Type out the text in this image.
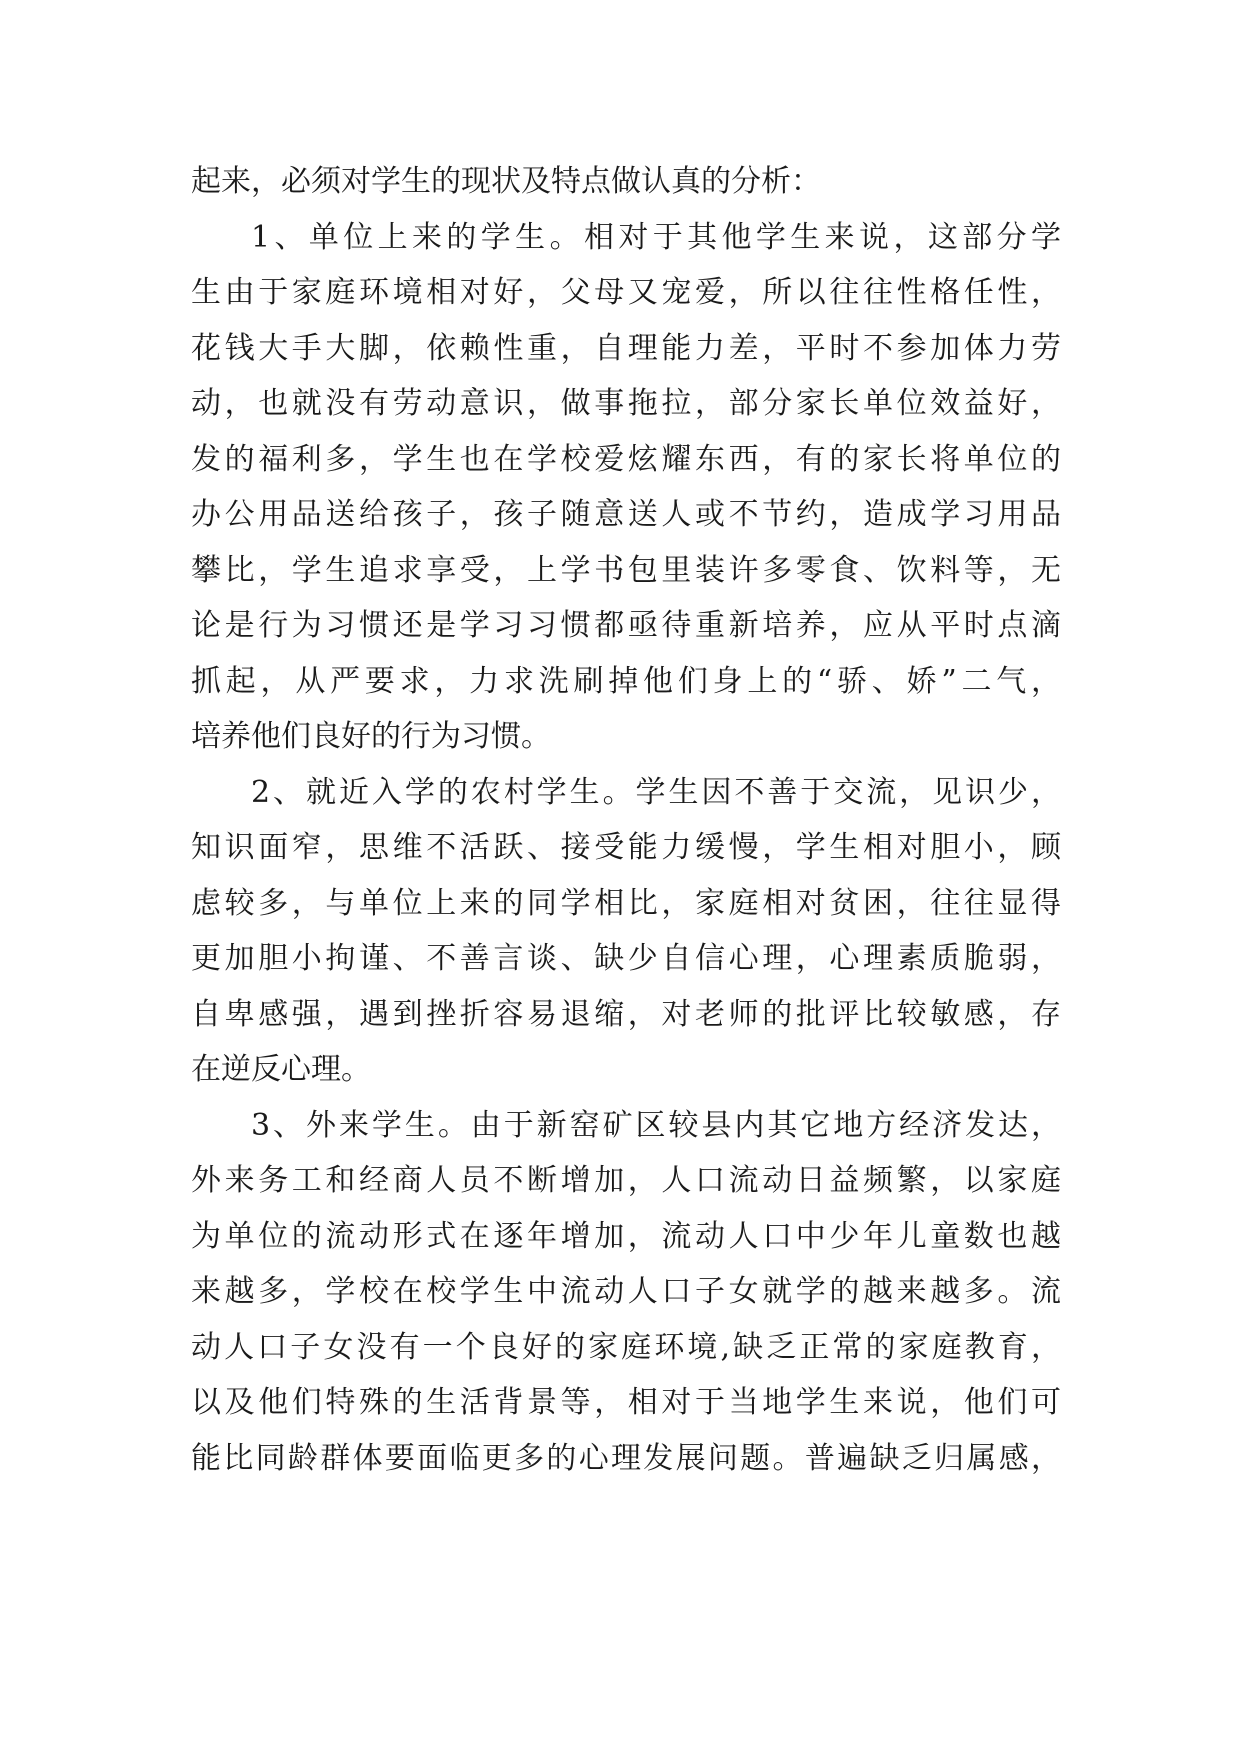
起来，必须对学生的现状及特点做认真的分析：
1、单位上来的学生。相对于其他学生来说，这部分学
生由于家庭环境相对好，父母又宠爱，所以往往性格任性，
花钱大手大脚，依赖性重，自理能力差，平时不参加体力劳
动，也就没有劳动意识，做事拖拉，部分家长单位效益好，
发的福利多，学生也在学校爱炫耀东西，有的家长将单位的
办公用品送给孩子，孩子随意送人或不节约，造成学习用品
攀比，学生追求享受，上学书包里装许多零食、饮料等，无
论是行为习惯还是学习习惯都亟待重新培养，应从平时点滴
抓起，从严要求，力求洗刷掉他们身上的“骄、娇”二气，
培养他们良好的行为习惯。
2、就近入学的农村学生。学生因不善于交流，见识少，
知识面窄，思维不活跃、接受能力缓慢，学生相对胆小，顾
虑较多，与单位上来的同学相比，家庭相对贫困，往往显得
更加胆小拘谨、不善言谈、缺少自信心理，心理素质脆弱，
自卑感强，遇到挫折容易退缩，对老师的批评比较敏感，存
在逆反心理。
3、外来学生。由于新窑矿区较县内其它地方经济发达，
外来务工和经商人员不断增加，人口流动日益频繁，以家庭
为单位的流动形式在逐年增加，流动人口中少年儿童数也越
来越多，学校在校学生中流动人口子女就学的越来越多。流
动人口子女没有一个良好的家庭环境,缺乏正常的家庭教育，
以及他们特殊的生活背景等，相对于当地学生来说，他们可
能比同龄群体要面临更多的心理发展问题。普遍缺乏归属感，
